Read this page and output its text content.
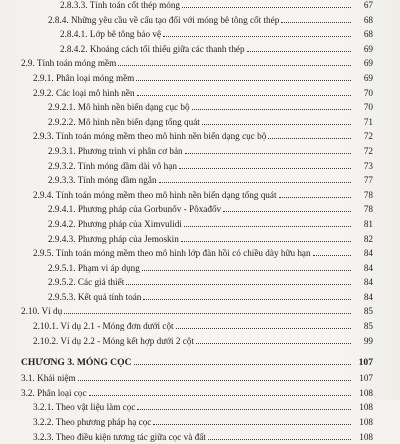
2.8.3.3. Tính toán cốt thép móng	67
2.8.4. Những yêu cầu về cấu tạo đối với móng bê tông cốt thép	68
2.8.4.1. Lớp bê tông bảo vệ	68
2.8.4.2. Khoảng cách tối thiểu giữa các thanh thép	69
2.9. Tính toán móng mềm	69
2.9.1. Phân loại móng mềm	69
2.9.2. Các loại mô hình nền	70
2.9.2.1. Mô hình nền biến dạng cục bộ	70
2.9.2.2. Mô hình nền biến dạng tổng quát	71
2.9.3. Tính toán móng mềm theo mô hình nền biến dạng cục bộ	72
2.9.3.1. Phương trình vi phân cơ bản	72
2.9.3.2. Tính móng dầm dài vô hạn	73
2.9.3.3. Tính móng dầm ngắn	77
2.9.4. Tính toán móng mềm theo mô hình nền biến dạng tổng quát	78
2.9.4.1. Phương pháp của Gorbunốv - Pôxađốv	78
2.9.4.2. Phương pháp của Ximvulidi	81
2.9.4.3. Phương pháp của Jemoskin	82
2.9.5. Tính toán móng mềm theo mô hình lớp đàn hồi có chiều dày hữu hạn	84
2.9.5.1. Phạm vi áp dụng	84
2.9.5.2. Các giả thiết	84
2.9.5.3. Kết quả tính toán	84
2.10. Ví dụ	85
2.10.1. Ví dụ 2.1 - Móng đơn dưới cột	85
2.10.2. Ví dụ 2.2 - Móng kết hợp dưới 2 cột	99
CHƯƠNG 3. MÓNG CỌC	107
3.1. Khái niệm	107
3.2. Phân loại cọc	108
3.2.1. Theo vật liệu làm cọc	108
3.2.2. Theo phương pháp hạ cọc	108
3.2.3. Theo điều kiện tương tác giữa cọc và đất	108
